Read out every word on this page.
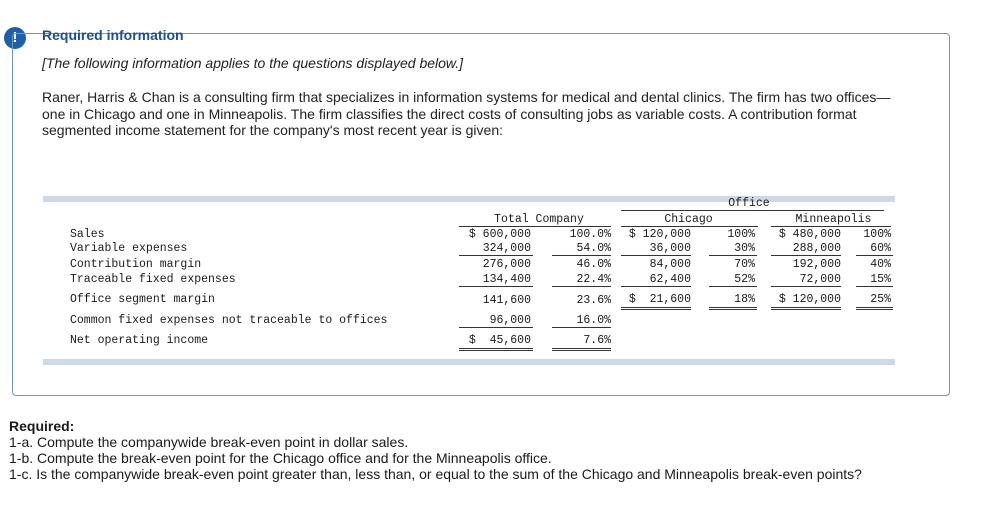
!	Required information
[The following information applies to the questions displayed below.]
Raner, Harris & Chan is a consulting firm that specializes in information systems for medical and dental clinics. The firm has two offices—one in Chicago and one in Minneapolis. The firm classifies the direct costs of consulting jobs as variable costs. A contribution format segmented income statement for the company's most recent year is given:
Office
Total Company	Chicago	Minneapolis
Sales	$ 600,000	100.0%	$ 120,000	100%	$ 480,000	100%
Variable expenses	324,000	54.0%	36,000	30%	288,000	60%
Contribution margin	276,000	46.0%	84,000	70%	192,000	40%
Traceable fixed expenses	134,400	22.4%	62,400	52%	72,000	15%
Office segment margin	141,600	23.6%	$  21,600	18%	$ 120,000	25%
Common fixed expenses not traceable to offices	96,000	16.0%
Net operating income	$  45,600	7.6%
Required:
1-a. Compute the companywide break-even point in dollar sales.
1-b. Compute the break-even point for the Chicago office and for the Minneapolis office.
1-c. Is the companywide break-even point greater than, less than, or equal to the sum of the Chicago and Minneapolis break-even points?
